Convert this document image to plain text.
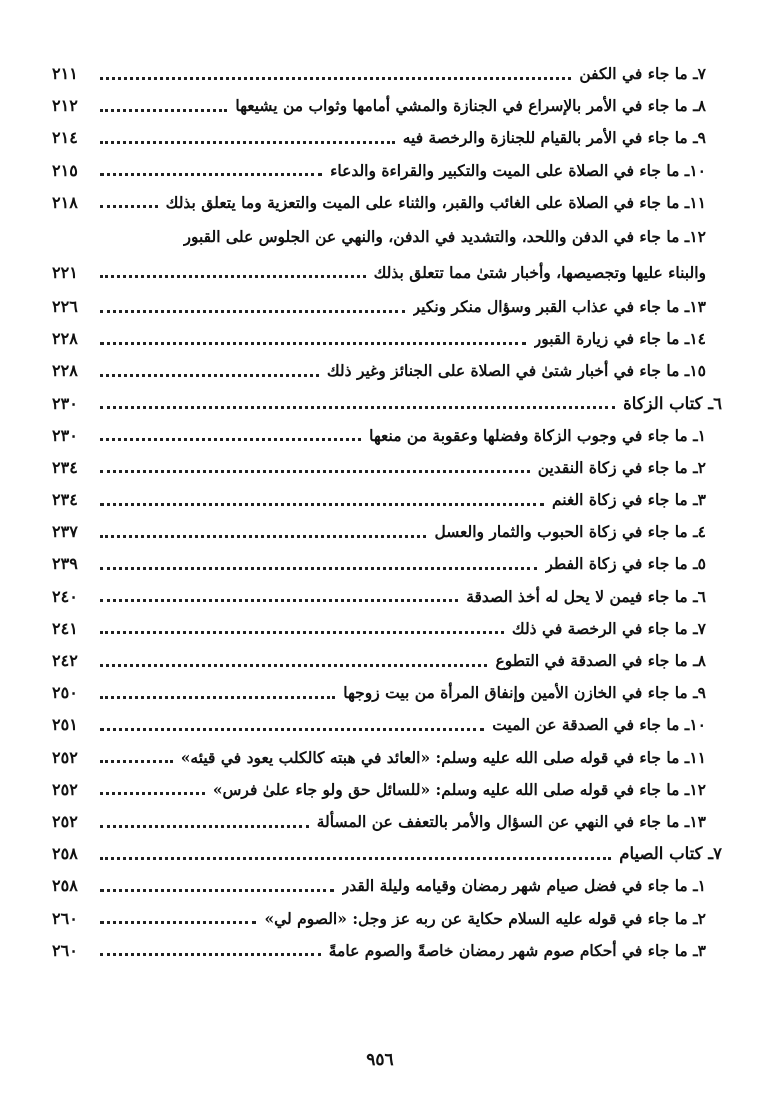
٧ـ ما جاء في الكفن
٢١١
٨ـ ما جاء في الأمر بالإسراع في الجنازة والمشي أمامها وثواب من يشيعها
٢١٢
٩ـ ما جاء في الأمر بالقيام للجنازة والرخصة فيه
٢١٤
١٠ـ ما جاء في الصلاة على الميت والتكبير والقراءة والدعاء
٢١٥
١١ـ ما جاء في الصلاة على الغائب والقبر، والثناء على الميت والتعزية وما يتعلق بذلك
٢١٨
١٢ـ ما جاء في الدفن واللحد، والتشديد في الدفن، والنهي عن الجلوس على القبور
والبناء عليها وتجصيصها، وأخبار شتىٰ مما تتعلق بذلك
٢٢١
١٣ـ ما جاء في عذاب القبر وسؤال منكر ونكير
٢٢٦
١٤ـ ما جاء في زيارة القبور
٢٢٨
١٥ـ ما جاء في أخبار شتىٰ في الصلاة على الجنائز وغير ذلك
٢٢٨
٦ـ كتاب الزكاة
٢٣٠
١ـ ما جاء في وجوب الزكاة وفضلها وعقوبة من منعها
٢٣٠
٢ـ ما جاء في زكاة النقدين
٢٣٤
٣ـ ما جاء في زكاة الغنم
٢٣٤
٤ـ ما جاء في زكاة الحبوب والثمار والعسل
٢٣٧
٥ـ ما جاء في زكاة الفطر
٢٣٩
٦ـ ما جاء فيمن لا يحل له أخذ الصدقة
٢٤٠
٧ـ ما جاء في الرخصة في ذلك
٢٤١
٨ـ ما جاء في الصدقة في التطوع
٢٤٢
٩ـ ما جاء في الخازن الأمين وإنفاق المرأة من بيت زوجها
٢٥٠
١٠ـ ما جاء في الصدقة عن الميت
٢٥١
١١ـ ما جاء في قوله صلى الله عليه وسلم: «العائد في هبته كالكلب يعود في قيئه»
٢٥٢
١٢ـ ما جاء في قوله صلى الله عليه وسلم: «للسائل حق ولو جاء علىٰ فرس»
٢٥٢
١٣ـ ما جاء في النهي عن السؤال والأمر بالتعفف عن المسألة
٢٥٢
٧ـ كتاب الصيام
٢٥٨
١ـ ما جاء في فضل صيام شهر رمضان وقيامه وليلة القدر
٢٥٨
٢ـ ما جاء في قوله عليه السلام حكاية عن ربه عز وجل: «الصوم لي»
٢٦٠
٣ـ ما جاء في أحكام صوم شهر رمضان خاصةً والصوم عامةً
٢٦٠
٩٥٦
